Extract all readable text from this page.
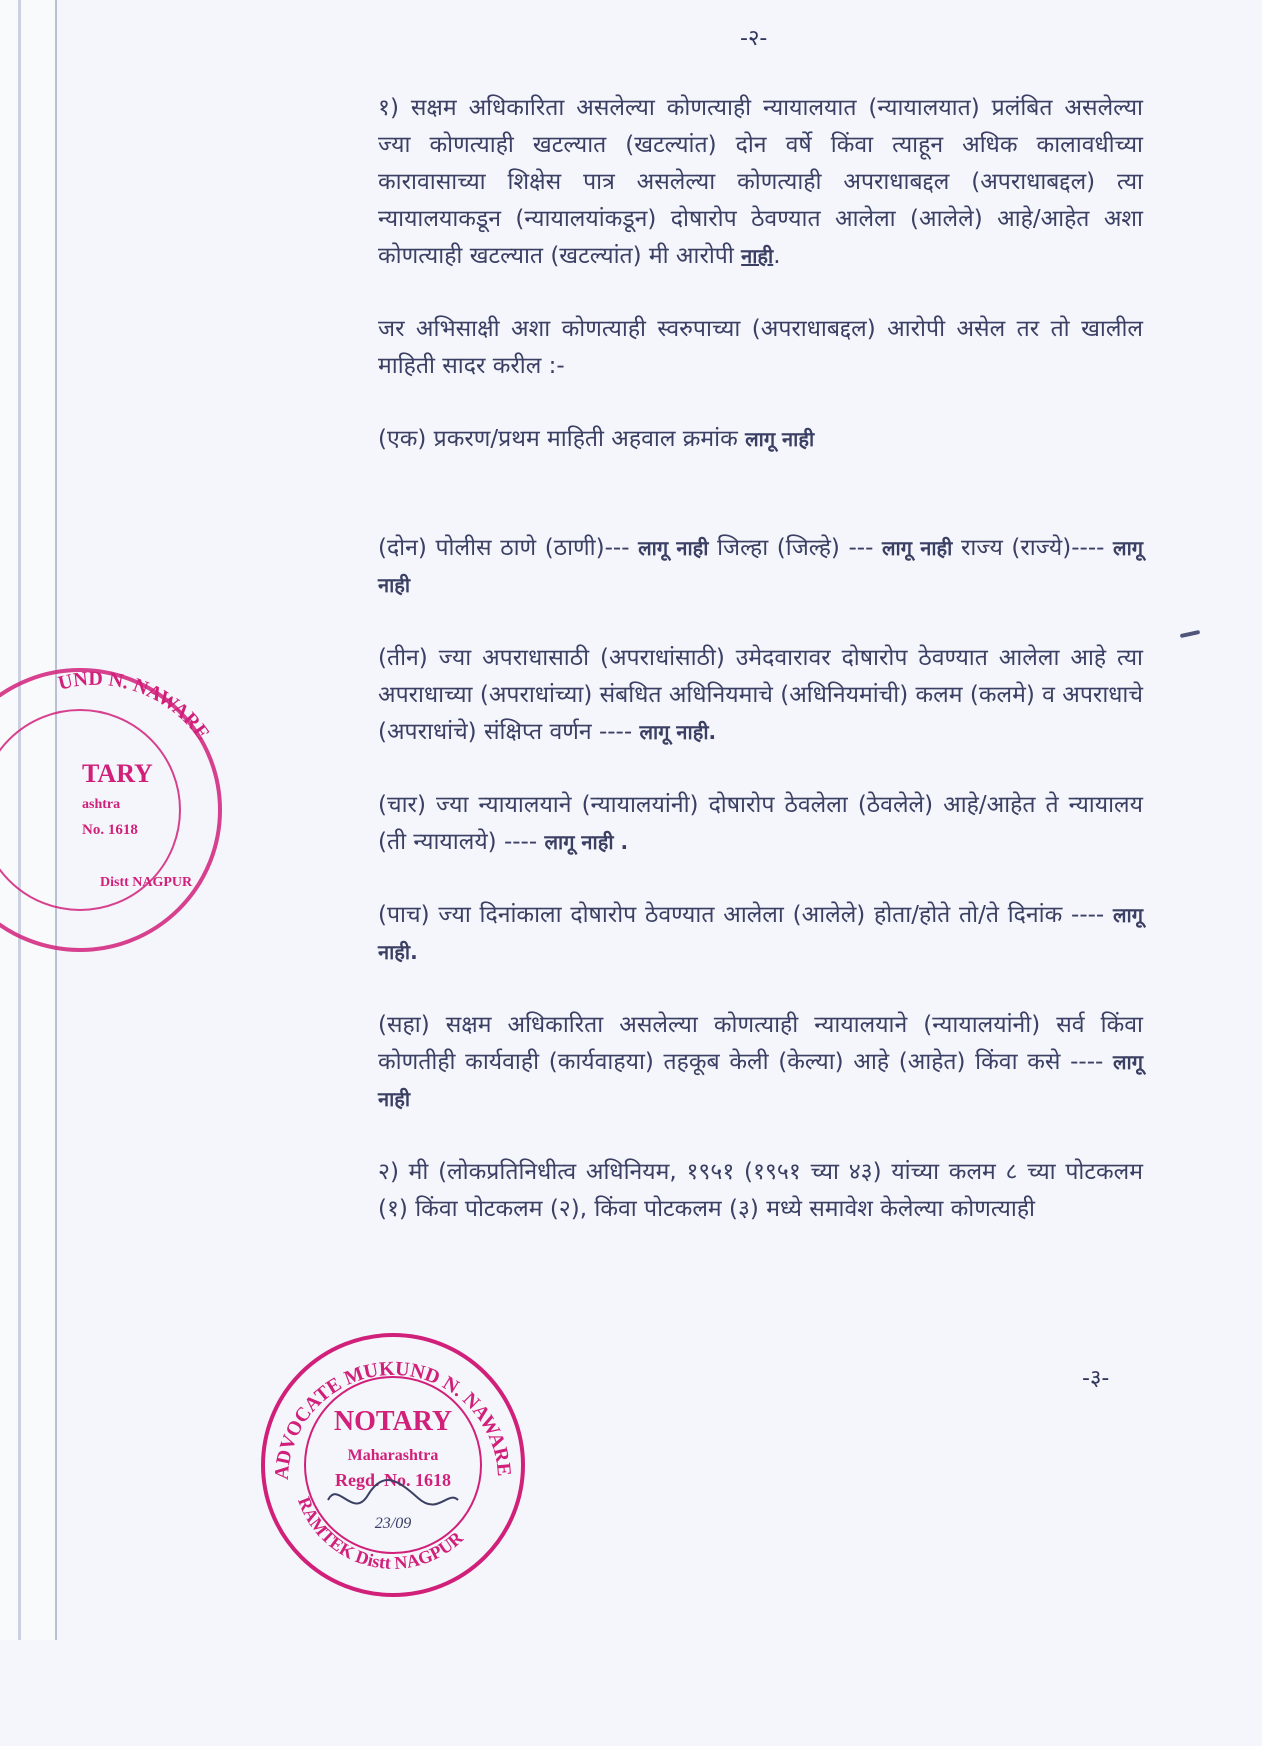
-२-

१) सक्षम अधिकारिता असलेल्या कोणत्याही न्यायालयात (न्यायालयात) प्रलंबित असलेल्या ज्या कोणत्याही खटल्यात (खटल्यांत) दोन वर्षे किंवा त्याहून अधिक कालावधीच्या कारावासाच्या शिक्षेस पात्र असलेल्या कोणत्याही अपराधाबद्दल (अपराधाबद्दल) त्या न्यायालयाकडून (न्यायालयांकडून) दोषारोप ठेवण्यात आलेला (आलेले) आहे/आहेत अशा कोणत्याही खटल्यात (खटल्यांत) मी आरोपी नाही.

जर अभिसाक्षी अशा कोणत्याही स्वरुपाच्या (अपराधाबद्दल) आरोपी असेल तर तो खालील माहिती सादर करील :-

(एक) प्रकरण/प्रथम माहिती अहवाल क्रमांक लागू नाही

(दोन) पोलीस ठाणे (ठाणी)--- लागू नाही जिल्हा (जिल्हे) --- लागू नाही राज्य (राज्ये)---- लागू नाही

(तीन) ज्या अपराधासाठी (अपराधांसाठी) उमेदवारावर दोषारोप ठेवण्यात आलेला आहे त्या अपराधाच्या (अपराधांच्या) संबधित अधिनियमाचे (अधिनियमांची) कलम (कलमे) व अपराधाचे (अपराधांचे) संक्षिप्त वर्णन ---- लागू नाही.

(चार) ज्या न्यायालयाने (न्यायालयांनी) दोषारोप ठेवलेला (ठेवलेले) आहे/आहेत ते न्यायालय (ती न्यायालये) ---- लागू नाही .

(पाच) ज्या दिनांकाला दोषारोप ठेवण्यात आलेला (आलेले) होता/होते तो/ते दिनांक ---- लागू नाही.

(सहा) सक्षम अधिकारिता असलेल्या कोणत्याही न्यायालयाने (न्यायालयांनी) सर्व किंवा कोणतीही कार्यवाही (कार्यवाहया) तहकूब केली (केल्या) आहे (आहेत) किंवा कसे ---- लागू नाही

२) मी (लोकप्रतिनिधीत्व अधिनियम, १९५१ (१९५१ च्या ४३) यांच्या कलम ८ च्या पोटकलम (१) किंवा पोटकलम (२), किंवा पोटकलम (३) मध्ये समावेश केलेल्या कोणत्याही

-३-
UND N. NAWARE
TARY
ashtra
No. 1618
Distt NAGPUR
ADVOCATE MUKUND N. NAWARE
RAMTEK Distt NAGPUR
NOTARY
Maharashtra
Regd. No. 1618
23/09
